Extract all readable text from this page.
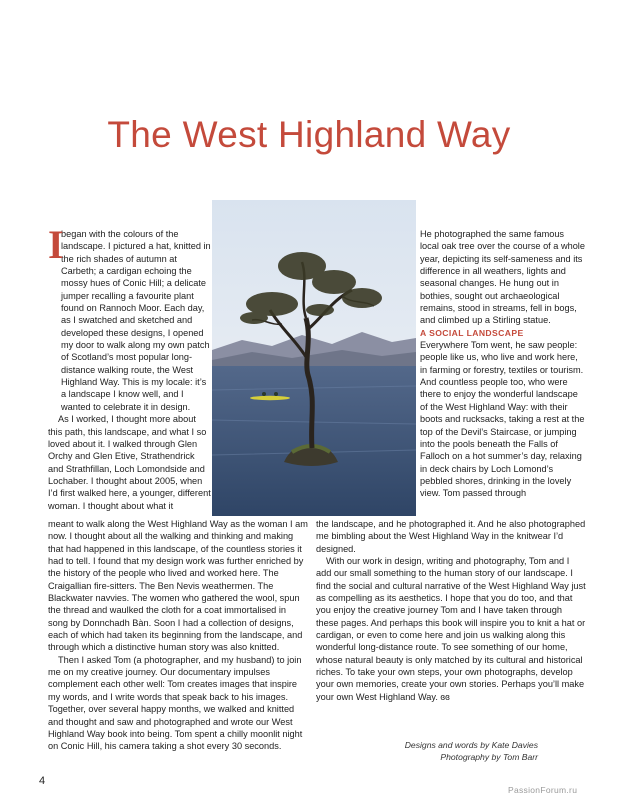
The West Highland Way
I

began with the colours of the landscape. I pictured a hat, knitted in the rich shades of autumn at Carbeth; a cardigan echoing the mossy hues of Conic Hill; a delicate jumper recalling a favourite plant found on Rannoch Moor. Each day, as I swatched and sketched and developed these designs, I opened my door to walk along my own patch of Scotland’s most popular long-distance walking route, the West Highland Way. This is my locale: it’s a landscape I know well, and I wanted to celebrate it in design.

As I worked, I thought more about this path, this landscape, and what I so loved about it. I walked through Glen Orchy and Glen Etive, Strathendrick and Strathfillan, Loch Lomondside and Lochaber. I thought about 2005, when I’d first walked here, a younger, different woman. I thought about what it

He photographed the same famous local oak tree over the course of a whole year, depicting its self-sameness and its difference in all weathers, lights and seasonal changes. He hung out in bothies, sought out archaeological remains, stood in streams, fell in bogs, and climbed up a Stirling statue.

A SOCIAL LANDSCAPE

Everywhere Tom went, he saw people: people like us, who live and work here, in farming or forestry, textiles or tourism. And countless people too, who were there to enjoy the wonderful landscape of the West Highland Way: with their boots and rucksacks, taking a rest at the top of the Devil’s Staircase, or jumping into the pools beneath the Falls of Falloch on a hot summer’s day, relaxing in deck chairs by Loch Lomond’s pebbled shores, drinking in the lovely view. Tom passed through

meant to walk along the West Highland Way as the woman I am now. I thought about all the walking and thinking and making that had happened in this landscape, of the countless stories it had to tell. I found that my design work was further enriched by the history of the people who lived and worked here. The Craigallian fire-sitters. The Ben Nevis weathermen. The Blackwater navvies. The women who gathered the wool, spun the thread and waulked the cloth for a coat immortalised in song by Donnchadh Bàn. Soon I had a collection of designs, each of which had taken its beginning from the landscape, and through which a distinctive human story was also knitted.

Then I asked Tom (a photographer, and my husband) to join me on my creative journey. Our documentary impulses complement each other well: Tom creates images that inspire my words, and I write words that speak back to his images. Together, over several happy months, we walked and knitted and thought and saw and photographed and wrote our West Highland Way book into being. Tom spent a chilly moonlit night on Conic Hill, his camera taking a shot every 30 seconds.

the landscape, and he photographed it. And he also photographed me bimbling about the West Highland Way in the knitwear I’d designed.

With our work in design, writing and photography, Tom and I add our small something to the human story of our landscape. I find the social and cultural narrative of the West Highland Way just as compelling as its aesthetics. I hope that you do too, and that you enjoy the creative journey Tom and I have taken through these pages. And perhaps this book will inspire you to knit a hat or cardigan, or even to come here and join us walking along this wonderful long-distance route. To see something of our home, whose natural beauty is only matched by its cultural and historical riches. To take your own steps, your own photographs, develop your own memories, create your own stories. Perhaps you’ll make your own West Highland Way. ɞɞ

Designs and words by Kate Davies
Photography by Tom Barr
4
PassionForum.ru
